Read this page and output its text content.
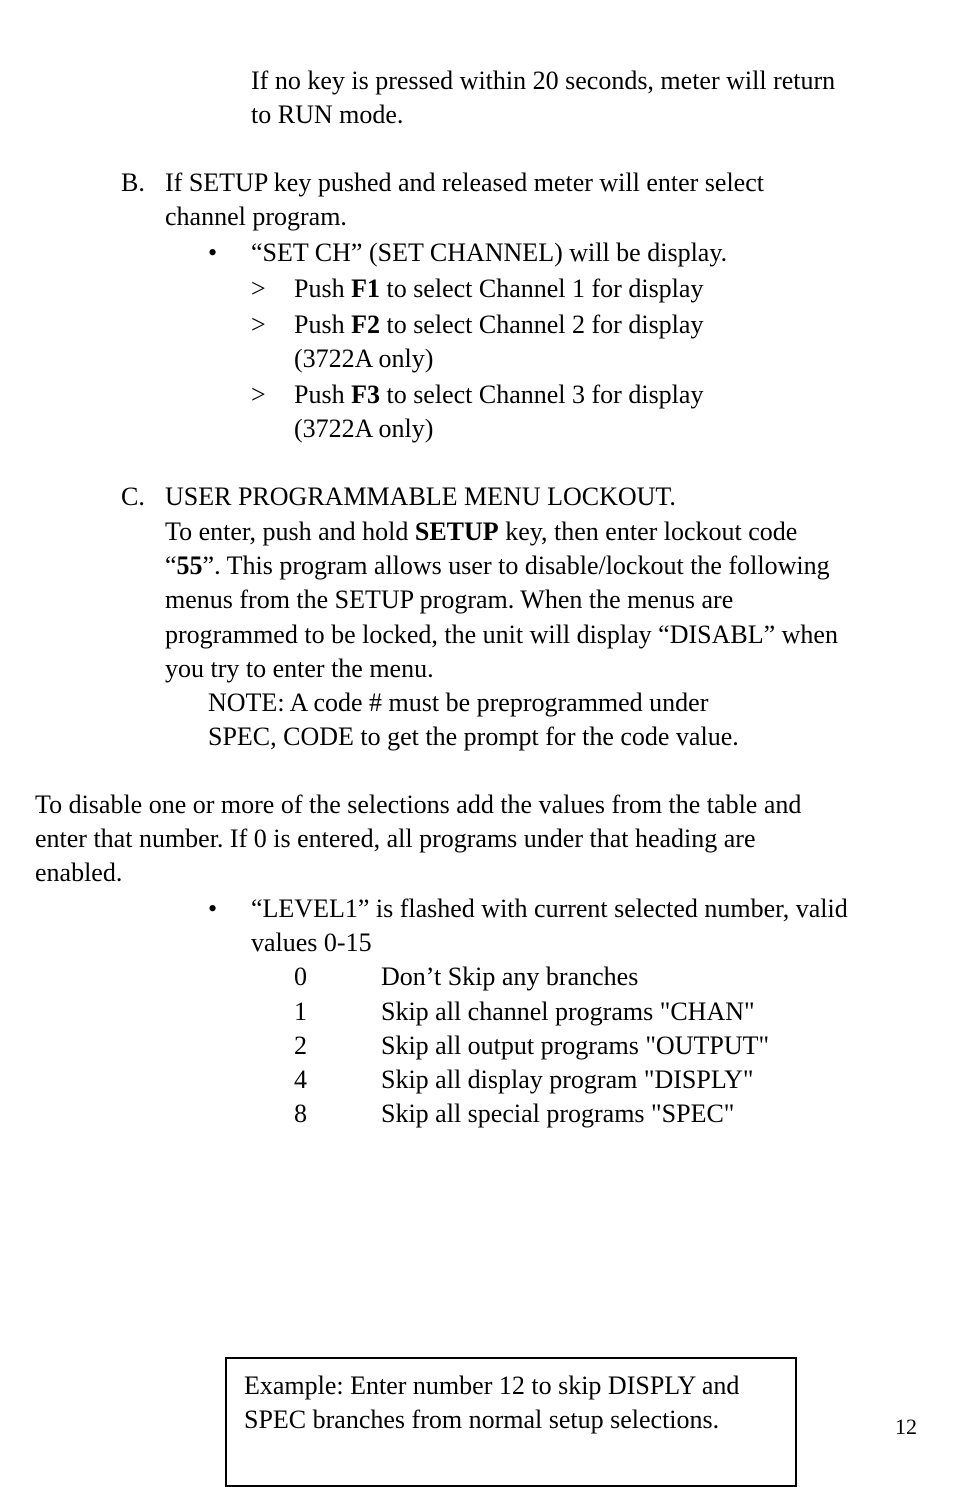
If no key is pressed within 20 seconds, meter will return
to RUN mode.
B. If SETUP key pushed and released meter will enter select
channel program.
• “SET CH” (SET CHANNEL) will be display.
> Push F1 to select Channel 1 for display
> Push F2 to select Channel 2 for display
(3722A only)
> Push F3 to select Channel 3 for display
(3722A only)
C. USER PROGRAMMABLE MENU LOCKOUT.
To enter, push and hold SETUP key, then enter lockout code
“55”. This program allows user to disable/lockout the following
menus from the SETUP program. When the menus are
programmed to be locked, the unit will display “DISABL” when
you try to enter the menu.
NOTE: A code # must be preprogrammed under
SPEC, CODE to get the prompt for the code value.
To disable one or more of the selections add the values from the table and
enter that number. If 0 is entered, all programs under that heading are
enabled.
• “LEVEL1” is flashed with current selected number, valid
values 0-15
0	Don’t Skip any branches
1	Skip all channel programs "CHAN"
2	Skip all output programs "OUTPUT"
4	Skip all display program "DISPLY"
8	Skip all special programs "SPEC"
Example: Enter number 12 to skip DISPLY and SPEC branches from normal setup selections.	12
